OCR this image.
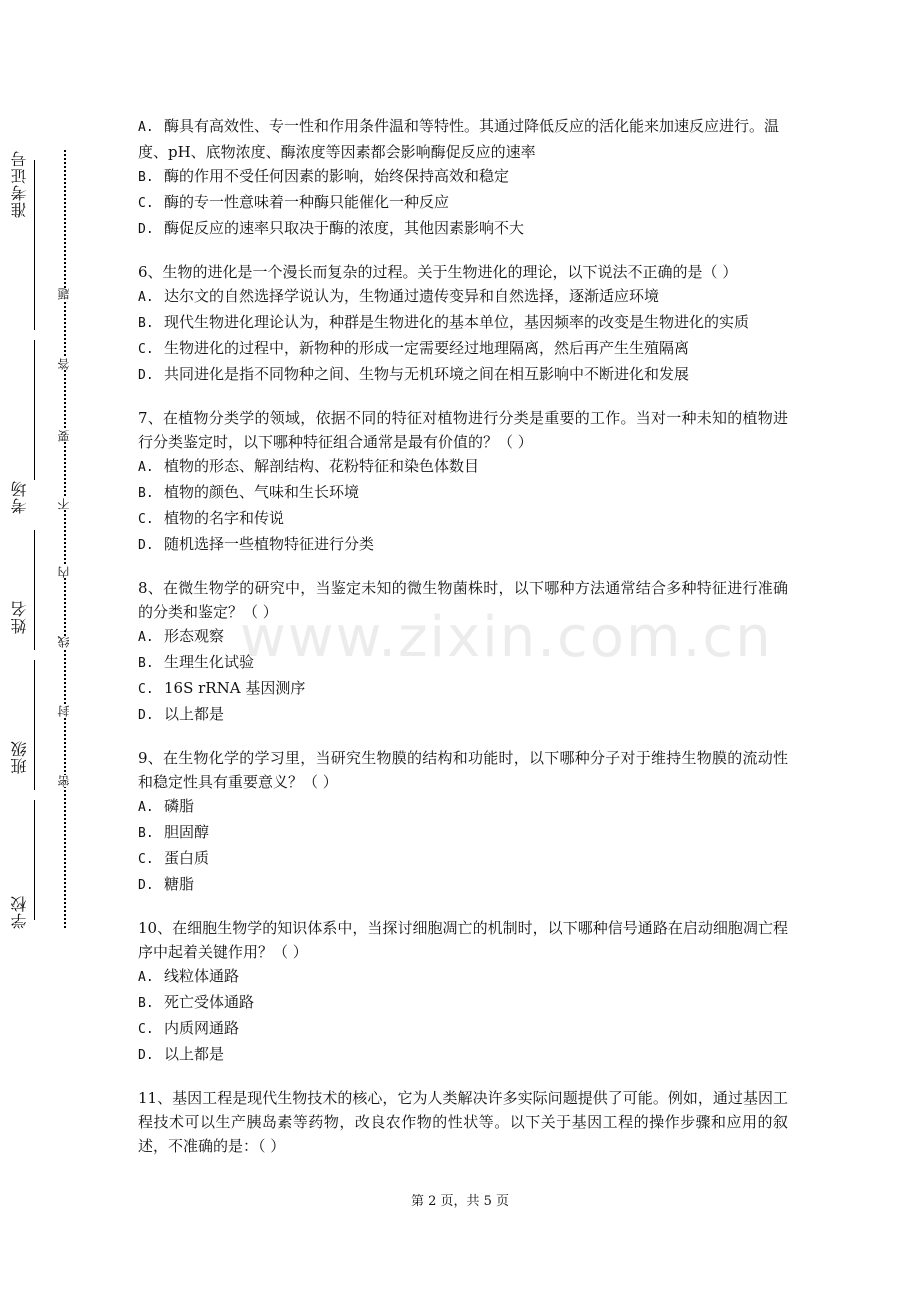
准考证号
考场
姓名
班级
学校
题
答
要
不
内
线
封
密
A. 酶具有高效性、专一性和作用条件温和等特性。其通过降低反应的活化能来加速反应进行。温度、pH、底物浓度、酶浓度等因素都会影响酶促反应的速率
B. 酶的作用不受任何因素的影响，始终保持高效和稳定
C. 酶的专一性意味着一种酶只能催化一种反应
D. 酶促反应的速率只取决于酶的浓度，其他因素影响不大
6、生物的进化是一个漫长而复杂的过程。关于生物进化的理论，以下说法不正确的是（ ）
A. 达尔文的自然选择学说认为，生物通过遗传变异和自然选择，逐渐适应环境
B. 现代生物进化理论认为，种群是生物进化的基本单位，基因频率的改变是生物进化的实质
C. 生物进化的过程中，新物种的形成一定需要经过地理隔离，然后再产生生殖隔离
D. 共同进化是指不同物种之间、生物与无机环境之间在相互影响中不断进化和发展
7、在植物分类学的领域，依据不同的特征对植物进行分类是重要的工作。当对一种未知的植物进行分类鉴定时，以下哪种特征组合通常是最有价值的？（ ）
A. 植物的形态、解剖结构、花粉特征和染色体数目
B. 植物的颜色、气味和生长环境
C. 植物的名字和传说
D. 随机选择一些植物特征进行分类
8、在微生物学的研究中，当鉴定未知的微生物菌株时，以下哪种方法通常结合多种特征进行准确的分类和鉴定？（ ）
A. 形态观察
B. 生理生化试验
C. 16S rRNA 基因测序
D. 以上都是
9、在生物化学的学习里，当研究生物膜的结构和功能时，以下哪种分子对于维持生物膜的流动性和稳定性具有重要意义？（ ）
A. 磷脂
B. 胆固醇
C. 蛋白质
D. 糖脂
10、在细胞生物学的知识体系中，当探讨细胞凋亡的机制时，以下哪种信号通路在启动细胞凋亡程序中起着关键作用？（ ）
A. 线粒体通路
B. 死亡受体通路
C. 内质网通路
D. 以上都是
11、基因工程是现代生物技术的核心，它为人类解决许多实际问题提供了可能。例如，通过基因工程技术可以生产胰岛素等药物，改良农作物的性状等。以下关于基因工程的操作步骤和应用的叙述，不准确的是：（ ）
www.zixin.com.cn
第 2 页，共 5 页
